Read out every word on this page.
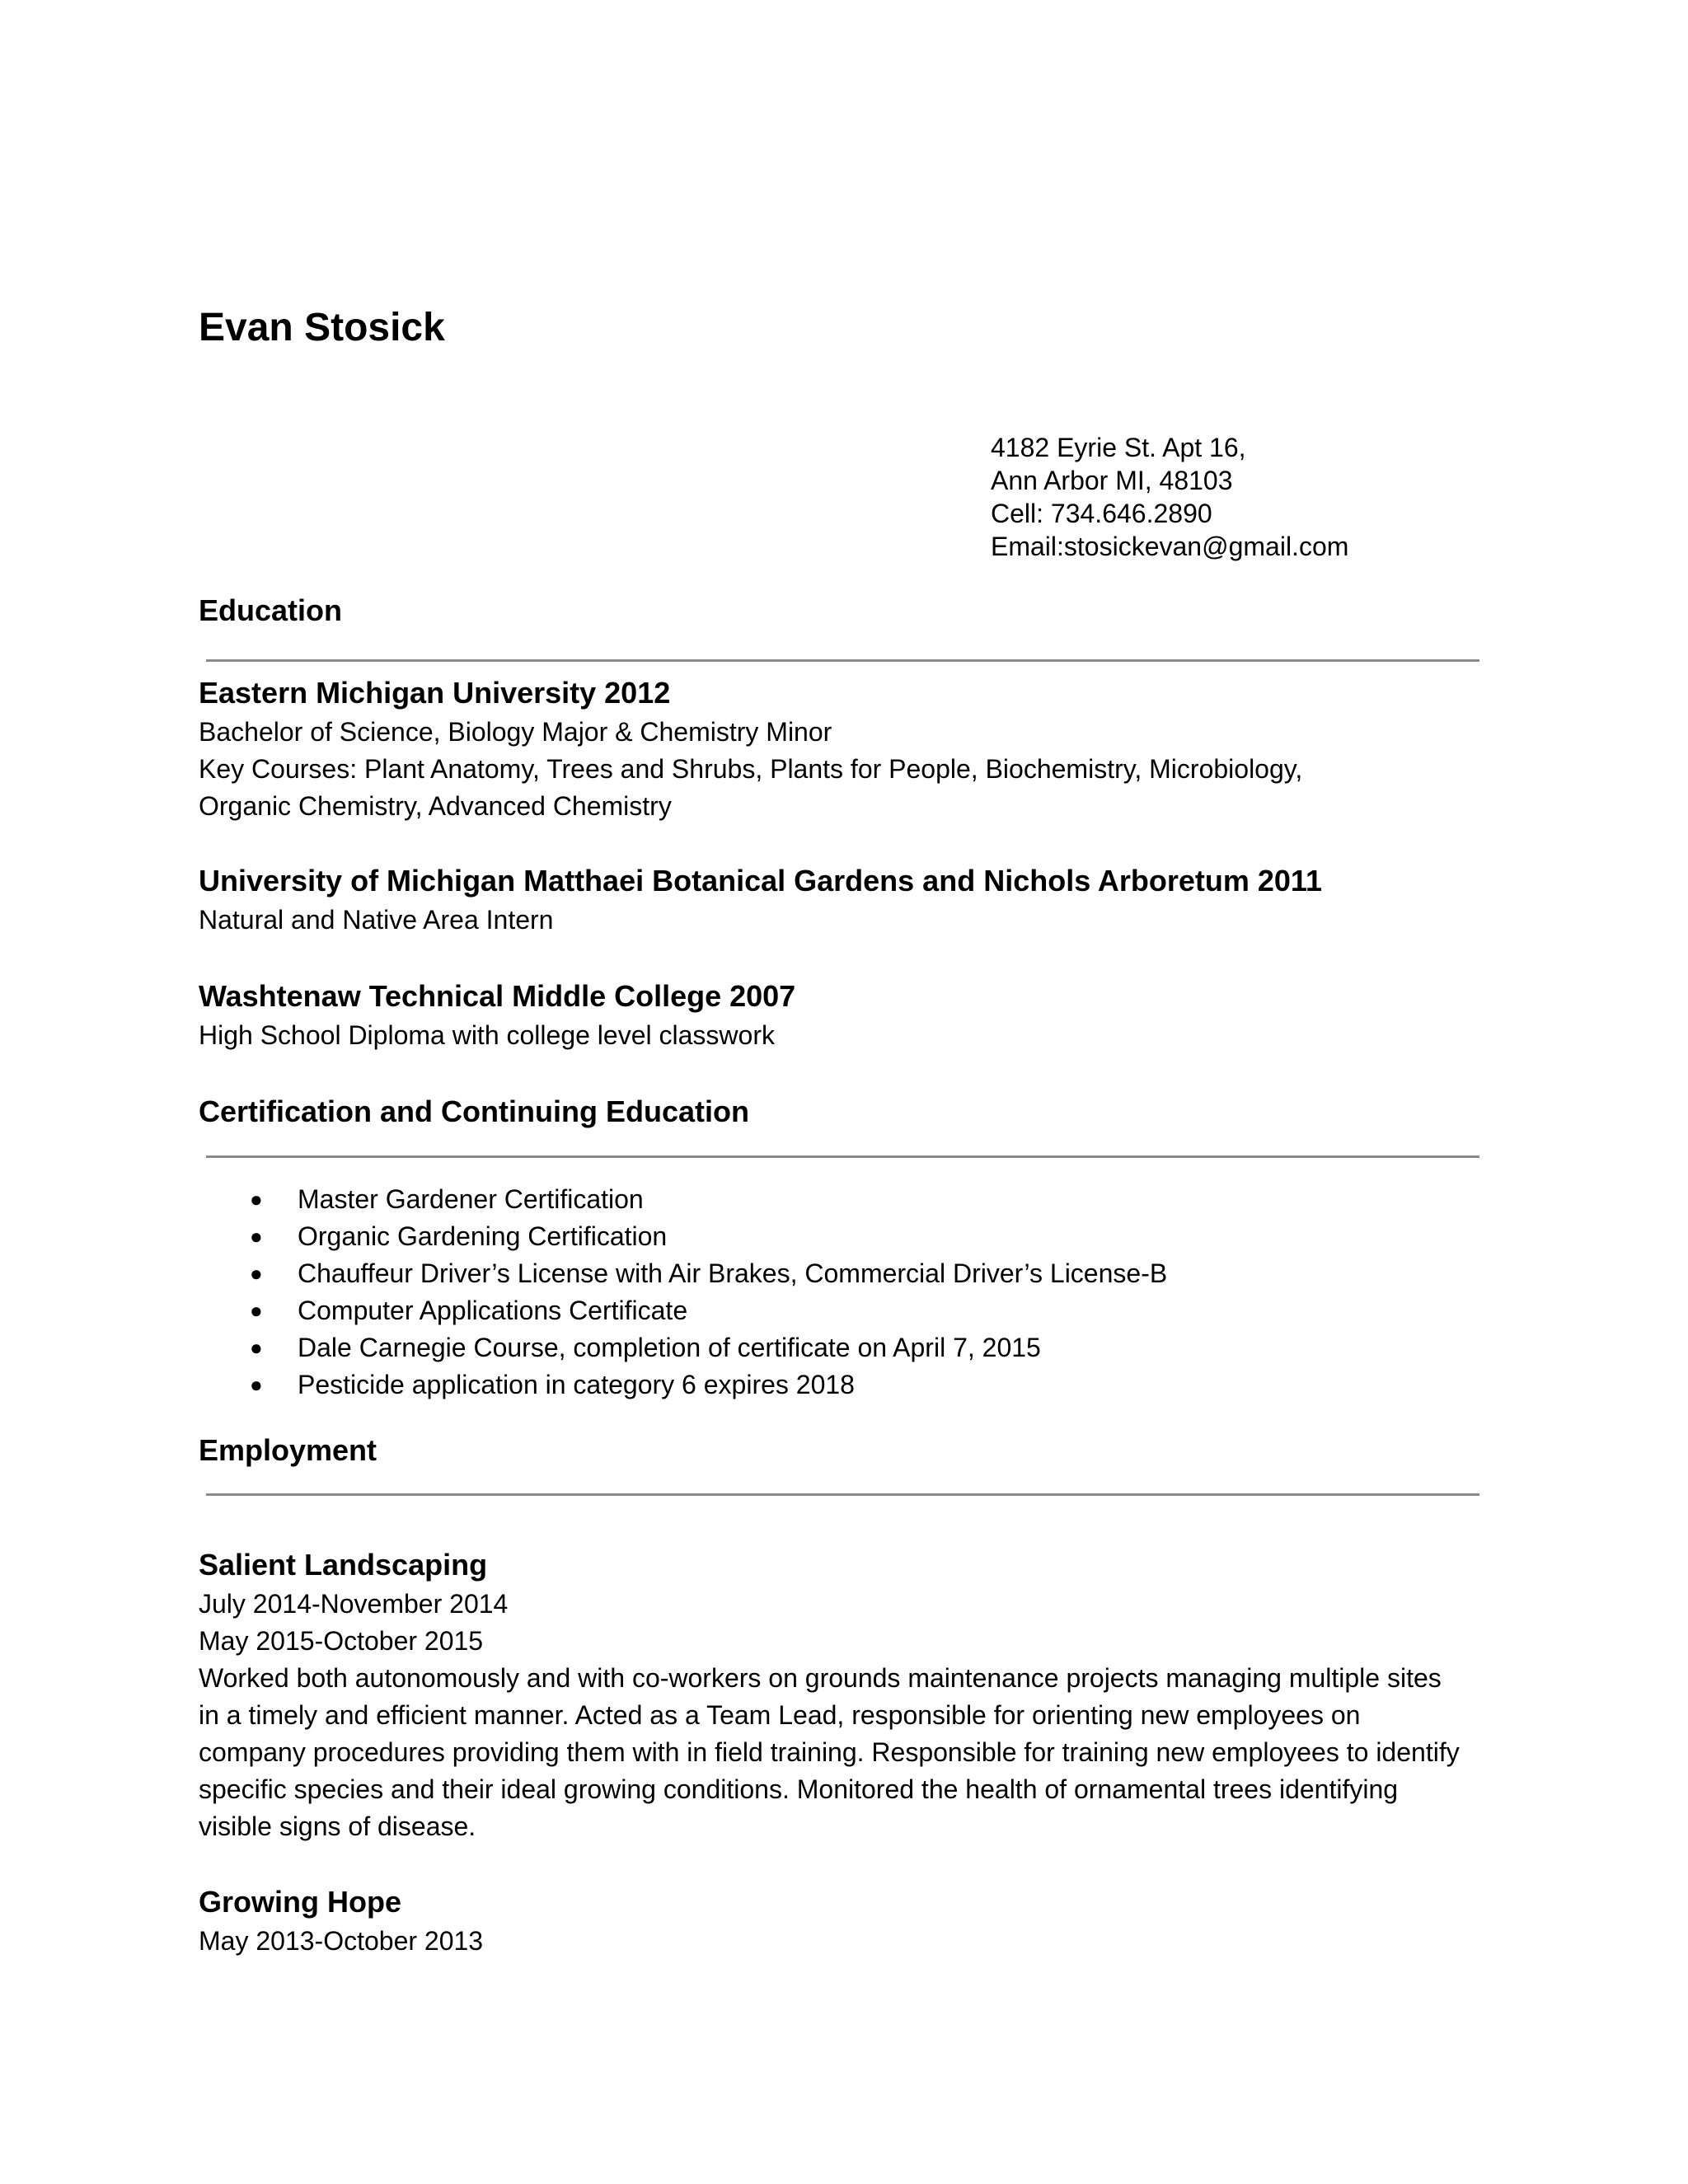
Evan Stosick
4182 Eyrie St. Apt 16,
Ann Arbor MI, 48103
Cell: 734.646.2890
Email:stosickevan@gmail.com
Education
Eastern Michigan University 2012
Bachelor of Science, Biology Major & Chemistry Minor
Key Courses: Plant Anatomy, Trees and Shrubs, Plants for People, Biochemistry, Microbiology,
Organic Chemistry, Advanced Chemistry
University of Michigan Matthaei Botanical Gardens and Nichols Arboretum 2011
Natural and Native Area Intern
Washtenaw Technical Middle College 2007
High School Diploma with college level classwork
Certification and Continuing Education
● Master Gardener Certification
● Organic Gardening Certification
● Chauffeur Driver’s License with Air Brakes, Commercial Driver’s License-B
● Computer Applications Certificate
● Dale Carnegie Course, completion of certificate on April 7, 2015
● Pesticide application in category 6 expires 2018
Employment
Salient Landscaping
July 2014-November 2014
May 2015-October 2015
Worked both autonomously and with co-workers on grounds maintenance projects managing multiple sites
in a timely and efficient manner. Acted as a Team Lead, responsible for orienting new employees on
company procedures providing them with in field training. Responsible for training new employees to identify
specific species and their ideal growing conditions. Monitored the health of ornamental trees identifying
visible signs of disease.
Growing Hope
May 2013-October 2013
